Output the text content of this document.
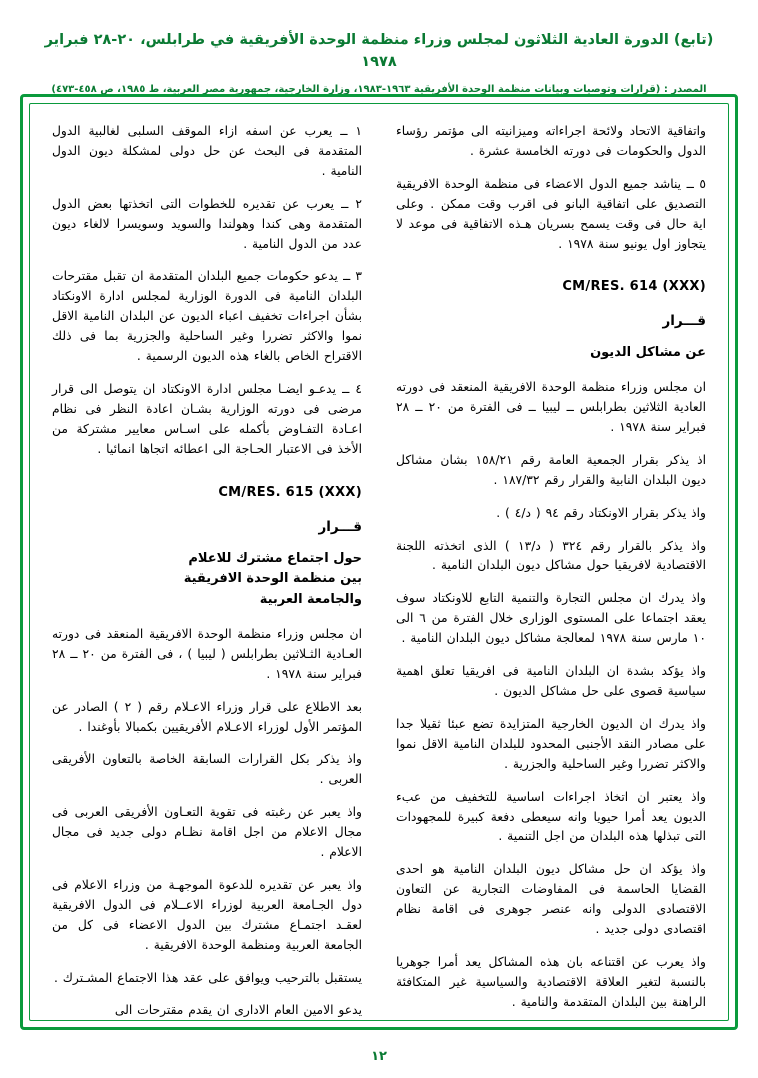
(تابع) الدورة العادية الثلاثون لمجلس وزراء منظمة الوحدة الأفريقية في طرابلس، ٢٠-٢٨ فبراير ١٩٧٨
المصدر : (قرارات وتوصيات وبيانات منظمة الوحدة الأفريقية ١٩٦٣-١٩٨٣، وزارة الخارجية، جمهورية مصر العربية، ط ١٩٨٥، ص ٤٥٨-٤٧٣)

واتفاقية الاتحاد ولائحة اجراءاته وميزانيته الى مؤتمر رؤساء الدول والحكومات فى دورته الخامسة عشرة .

٥ ــ يناشد جميع الدول الاعضاء فى منظمة الوحدة الافريقية التصديق على اتفاقية البانو فى اقرب وقت ممكن . وعلى اية حال فى وقت يسمح بسريان هـذه الاتفاقية فى موعد لا يتجاوز اول يونيو سنة ١٩٧٨ .

CM/RES. 614 (XXX)
قـــرار
عن مشاكل الديون

ان مجلس وزراء منظمة الوحدة الافريقية المنعقد فى دورته العادية الثلاثين بطرابلس ــ ليبيا ــ فى الفترة من ٢٠ ــ ٢٨ فبراير سنة ١٩٧٨ .

اذ يذكر بقرار الجمعية العامة رقم ١٥٨/٢١ بشان مشاكل ديون البلدان النابية والقرار رقم ١٨٧/٣٢ .

واذ يذكر بقرار الاونكتاد رقم ٩٤ ( د/٤ ) .

واذ يذكر بالقرار رقم ٣٢٤ ( د/١٣ ) الذى اتخذته اللجنة الاقتصادية لافريقيا حول مشاكل ديون البلدان النامية .

واذ يدرك ان مجلس التجارة والتنمية التابع للاونكتاد سوف يعقد اجتماعا على المستوى الوزارى خلال الفترة من ٦ الى ١٠ مارس سنة ١٩٧٨ لمعالجة مشاكل ديون البلدان النامية .

واذ يؤكد بشدة ان البلدان النامية فى افريقيا تعلق اهمية سياسية قصوى على حل مشاكل الديون .

واذ يدرك ان الديون الخارجية المتزايدة تضع عبئا ثقيلا جدا على مصادر النقد الأجنبى المحدود للبلدان النامية الاقل نموا والاكثر تضررا وغير الساحلية والجزرية .

واذ يعتبر ان اتخاذ اجراءات اساسية للتخفيف من عبء الديون يعد أمرا حيويا وانه سيعطى دفعة كبيرة للمجهودات التى تبذلها هذه البلدان من اجل التنمية .

واذ يؤكد ان حل مشاكل ديون البلدان النامية هو احدى القضايا الحاسمة فى المفاوضات التجارية عن التعاون الاقتصادى الدولى وانه عنصر جوهرى فى اقامة نظام اقتصادى دولى جديد .

واذ يعرب عن اقتناعه بان هذه المشاكل يعد أمرا جوهريا بالنسبة لتغير العلاقة الاقتصادية والسياسية غير المتكافئة الراهنة بين البلدان المتقدمة والنامية .

١ ــ يعرب عن اسفه ازاء الموقف السلبى لغالبية الدول المتقدمة فى البحث عن حل دولى لمشكلة ديون الدول النامية .

٢ ــ يعرب عن تقديره للخطوات التى اتخذتها بعض الدول المتقدمة وهى كندا وهولندا والسويد وسويسرا لالغاء ديون عدد من الدول النامية .

٣ ــ يدعو حكومات جميع البلدان المتقدمة ان تقبل مقترحات البلدان النامية فى الدورة الوزارية لمجلس ادارة الاونكتاد بشأن اجراءات تخفيف اعباء الديون عن البلدان النامية الاقل نموا والاكثر تضررا وغير الساحلية والجزرية بما فى ذلك الاقتراح الخاص بالغاء هذه الديون الرسمية .

٤ ــ يدعـو ايضـا مجلس ادارة الاونكتاد ان يتوصل الى قرار مرضى فى دورته الوزارية بشـان اعادة النظر فى نظام اعـادة التفـاوض بأكمله على اسـاس معايير مشتركة من الأخذ فى الاعتبار الحـاجة الى اعطائه اتجاها انمائيا .

CM/RES. 615 (XXX)
قـــرار
حول اجتماع مشترك للاعلام
بين منظمة الوحدة الافريقية
والجامعة العربية

ان مجلس وزراء منظمة الوحدة الافريقية المنعقد فى دورته العـادية الثـلاثين بطرابلس ( ليبيا ) ، فى الفترة من ٢٠ ــ ٢٨ فبراير سنة ١٩٧٨ .

بعد الاطلاع على قرار وزراء الاعـلام رقم ( ٢ ) الصادر عن المؤتمر الأول لوزراء الاعـلام الأفريقيين بكمبالا بأوغندا .

واذ يذكر بكل القرارات السابقة الخاصة بالتعاون الأفريقى العربى .

واذ يعبر عن رغبته فى تقوية التعـاون الأفريقى العربى فى مجال الاعلام من اجل اقامة نظـام دولى جديد فى مجال الاعلام .

واذ يعبر عن تقديره للدعوة الموجهـة من وزراء الاعلام فى دول الجـامعة العربية لوزراء الاعــلام فى الدول الافريقية لعقـد اجتمـاع مشترك بين الدول الاعضاء فى كل من الجامعة العربية ومنظمة الوحدة الافريقية .

يستقبل بالترحيب ويوافق على عقد هذا الاجتماع المشـترك .

يدعو الامين العام الادارى ان يقدم مقترحات الى

١٢
